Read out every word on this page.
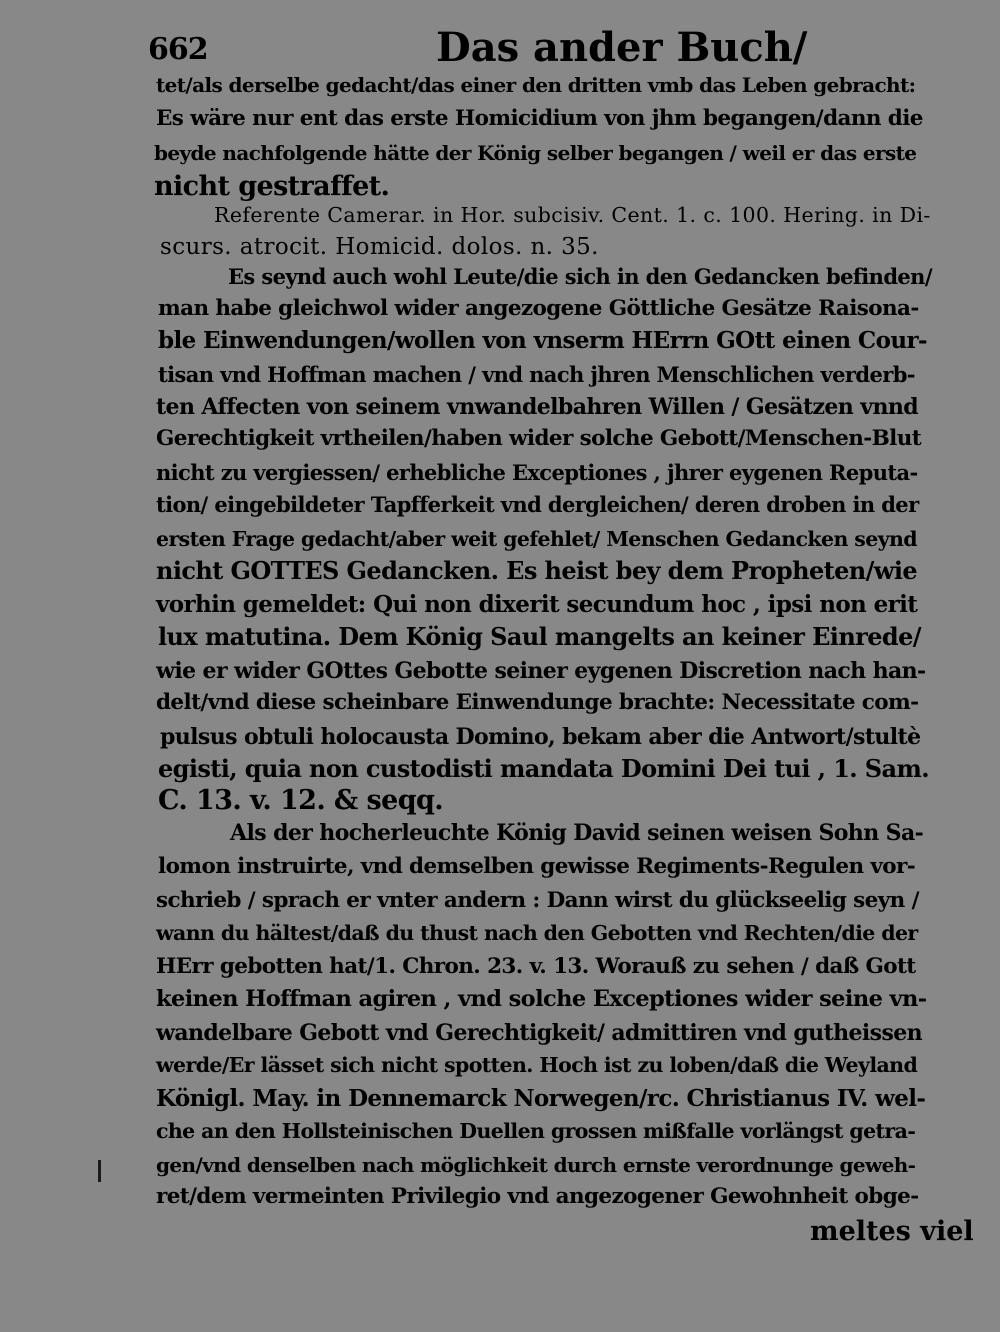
662	Das ander Buch/
tet/als derselbe gedacht/das einer den dritten vmb das Leben gebracht:
Es wäre nur ent das erste Homicidium von jhm begangen/dann die
beyde nachfolgende hätte der König selber begangen / weil er das erste
nicht gestraffet.
Referente Camerar. in Hor. subcisiv. Cent. 1. c. 100. Hering. in Di-
scurs. atrocit. Homicid. dolos. n. 35.
Es seynd auch wohl Leute/die sich in den Gedancken befinden/
man habe gleichwol wider angezogene Göttliche Gesätze Raisona-
ble Einwendungen/wollen von vnserm HErrn GOtt einen Cour-
tisan vnd Hoffman machen / vnd nach jhren Menschlichen verderb-
ten Affecten von seinem vnwandelbahren Willen / Gesätzen vnnd
Gerechtigkeit vrtheilen/haben wider solche Gebott/Menschen-Blut
nicht zu vergiessen/ erhebliche Exceptiones , jhrer eygenen Reputa-
tion/ eingebildeter Tapfferkeit vnd dergleichen/ deren droben in der
ersten Frage gedacht/aber weit gefehlet/ Menschen Gedancken seynd
nicht GOTTES Gedancken. Es heist bey dem Propheten/wie
vorhin gemeldet: Qui non dixerit secundum hoc , ipsi non erit
lux matutina. Dem König Saul mangelts an keiner Einrede/
wie er wider GOttes Gebotte seiner eygenen Discretion nach han-
delt/vnd diese scheinbare Einwendunge brachte: Necessitate com-
pulsus obtuli holocausta Domino, bekam aber die Antwort/stultè
egisti, quia non custodisti mandata Domini Dei tui , 1. Sam.
C. 13. v. 12. & seqq.
Als der hocherleuchte König David seinen weisen Sohn Sa-
lomon instruirte, vnd demselben gewisse Regiments-Regulen vor-
schrieb / sprach er vnter andern : Dann wirst du glückseelig seyn /
wann du hältest/daß du thust nach den Gebotten vnd Rechten/die der
HErr gebotten hat/1. Chron. 23. v. 13. Worauß zu sehen / daß Gott
keinen Hoffman agiren , vnd solche Exceptiones wider seine vn-
wandelbare Gebott vnd Gerechtigkeit/ admittiren vnd gutheissen
werde/Er lässet sich nicht spotten. Hoch ist zu loben/daß die Weyland
Königl. May. in Dennemarck Norwegen/rc. Christianus IV. wel-
che an den Hollsteinischen Duellen grossen mißfalle vorlängst getra-
gen/vnd denselben nach möglichkeit durch ernste verordnunge geweh-
ret/dem vermeinten Privilegio vnd angezogener Gewohnheit obge-
meltes viel
